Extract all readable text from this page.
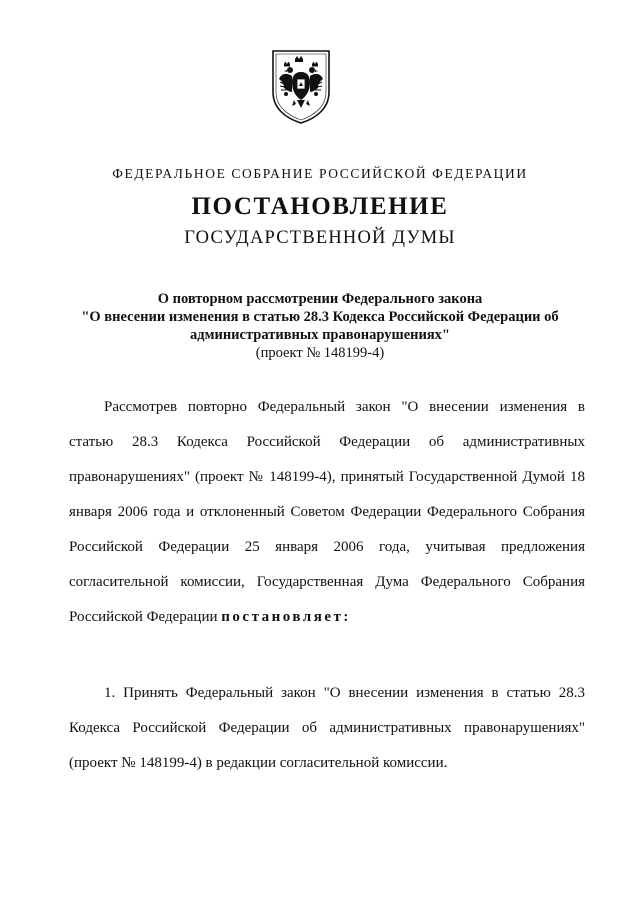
ФЕДЕРАЛЬНОЕ СОБРАНИЕ РОССИЙСКОЙ ФЕДЕРАЦИИ
ПОСТАНОВЛЕНИЕ
ГОСУДАРСТВЕННОЙ ДУМЫ
О повторном рассмотрении Федерального закона
"О внесении изменения в статью 28.3 Кодекса Российской Федерации об
административных правонарушениях"
(проект № 148199-4)
Рассмотрев повторно Федеральный закон "О внесении изменения в
статью 28.3 Кодекса Российской Федерации об административных
правонарушениях" (проект № 148199-4), принятый Государственной Думой 18
января 2006 года и отклоненный Советом Федерации Федерального Собрания
Российской Федерации 25 января 2006 года, учитывая предложения
согласительной комиссии, Государственная Дума Федерального Собрания
Российской Федерации постановляет:
1. Принять Федеральный закон "О внесении изменения в статью 28.3
Кодекса Российской Федерации об административных правонарушениях"
(проект № 148199-4) в редакции согласительной комиссии.
